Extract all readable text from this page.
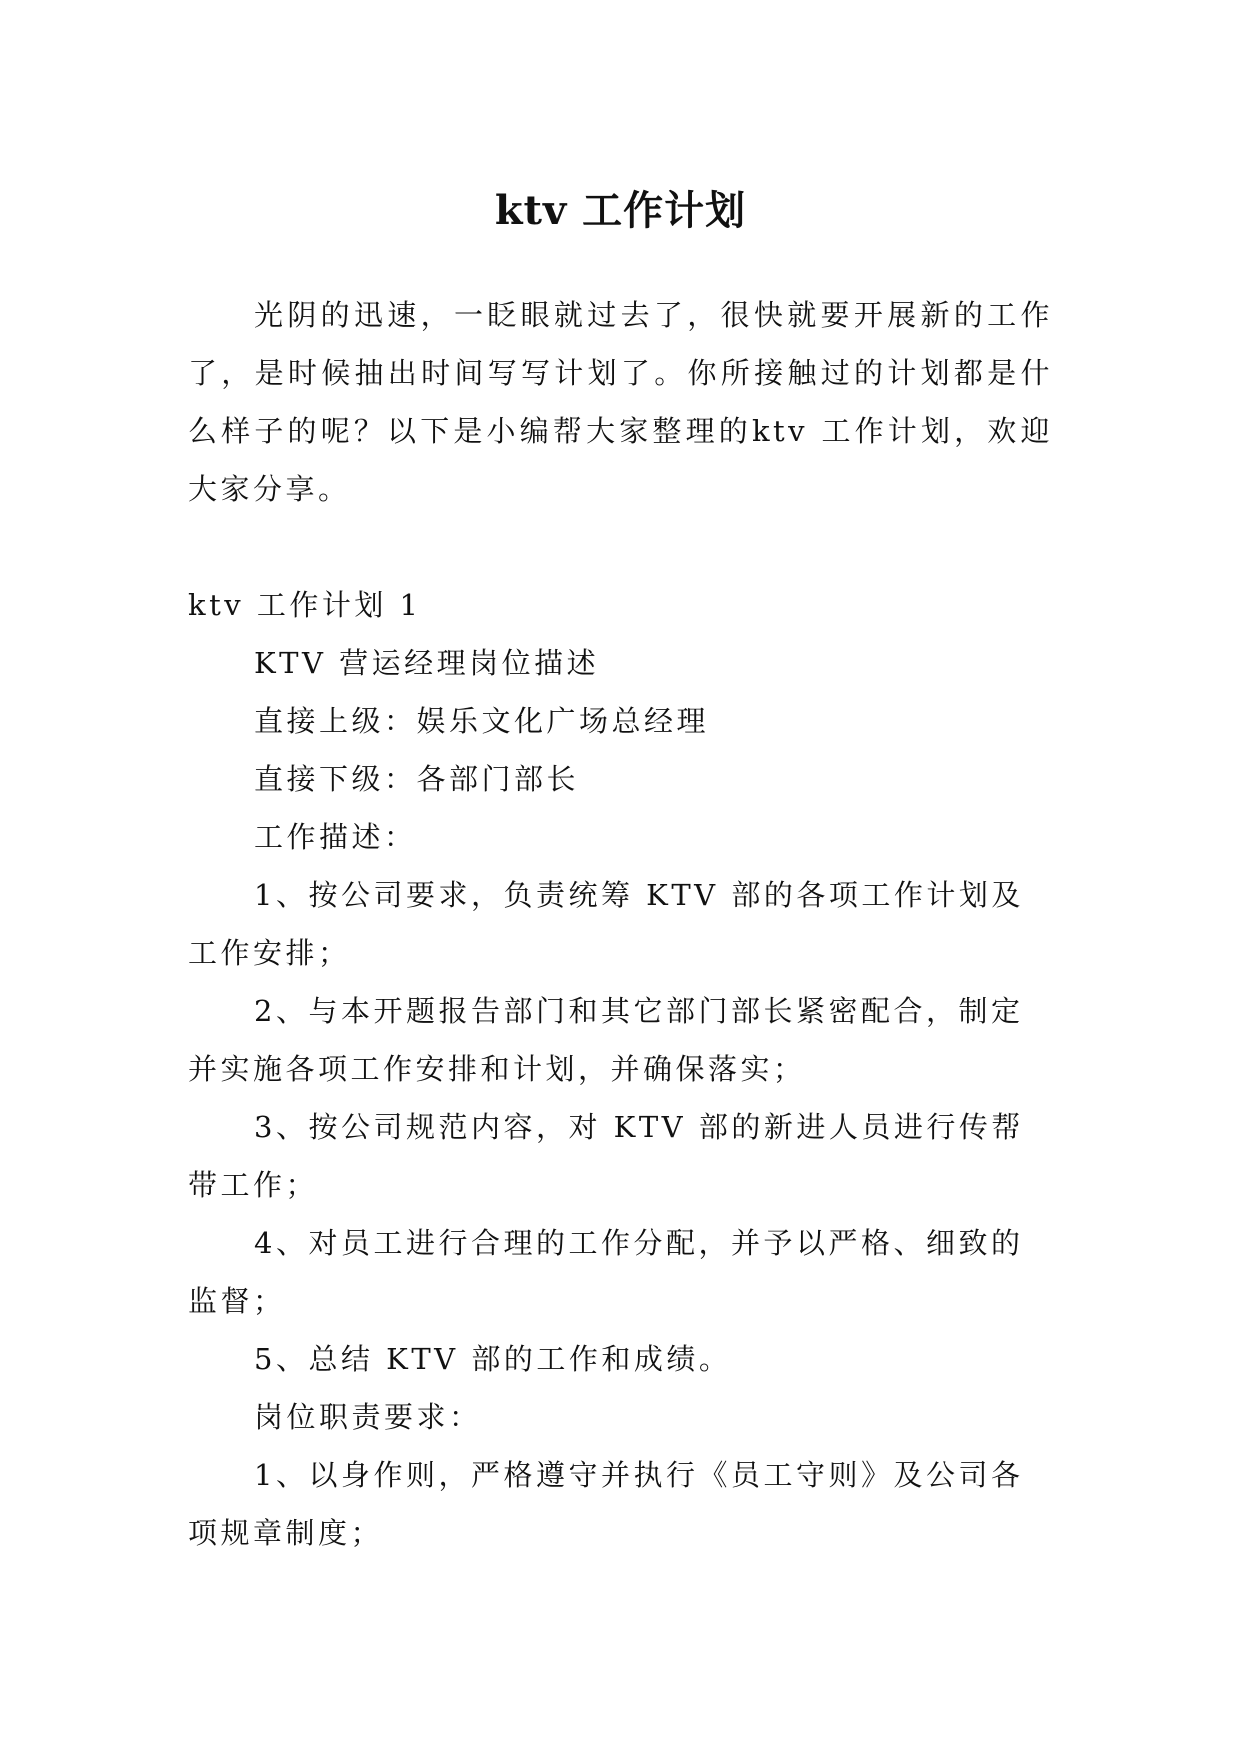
ktv 工作计划

光阴的迅速，一眨眼就过去了，很快就要开展新的工作了，是时候抽出时间写写计划了。你所接触过的计划都是什么样子的呢？以下是小编帮大家整理的ktv 工作计划，欢迎大家分享。

ktv 工作计划 1

KTV 营运经理岗位描述

直接上级：娱乐文化广场总经理

直接下级：各部门部长

工作描述：

1、按公司要求，负责统筹 KTV 部的各项工作计划及工作安排；

2、与本开题报告部门和其它部门部长紧密配合，制定并实施各项工作安排和计划，并确保落实；

3、按公司规范内容，对 KTV 部的新进人员进行传帮带工作；

4、对员工进行合理的工作分配，并予以严格、细致的监督；

5、总结 KTV 部的工作和成绩。

岗位职责要求：

1、以身作则，严格遵守并执行《员工守则》及公司各项规章制度；
